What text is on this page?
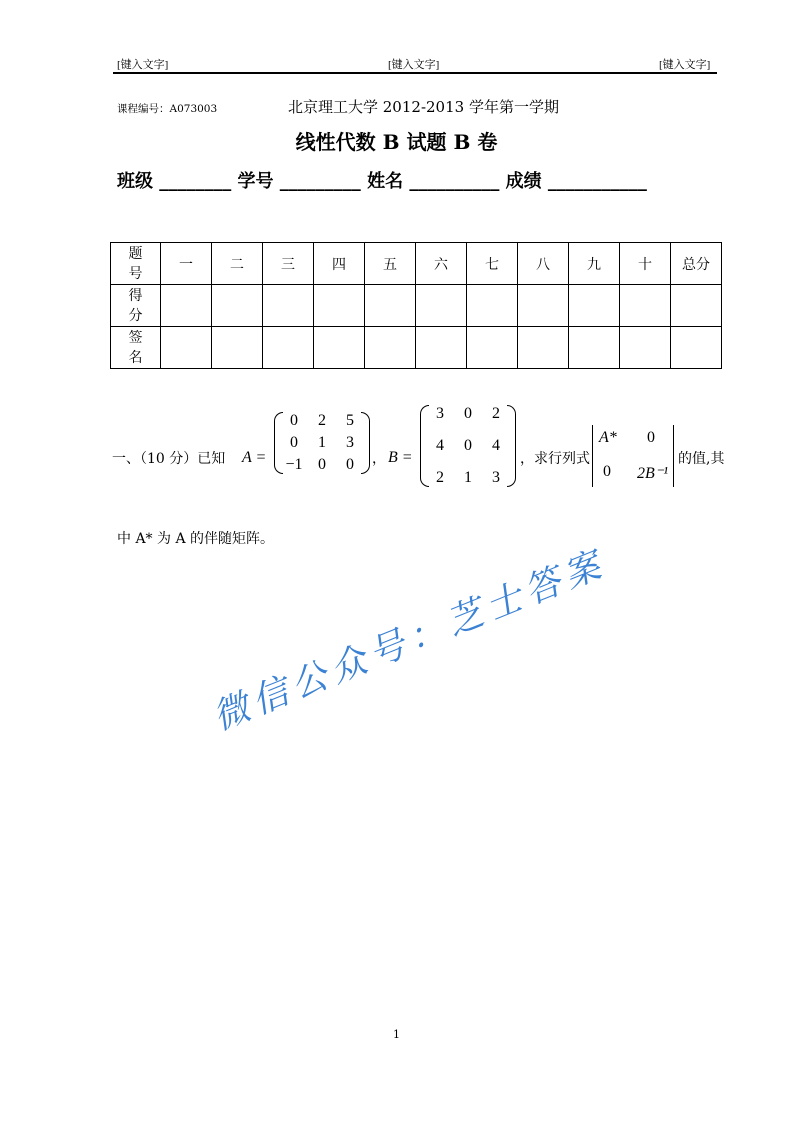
[键入文字]	[键入文字]	[键入文字]
课程编号：A073003	北京理工大学 2012-2013 学年第一学期
线性代数 B 试题 B 卷
班级 ________ 学号 _________ 姓名 __________ 成绩 ___________
题号	一	二	三	四	五	六	七	八	九	十	总分
得分											
签名											
一、（10 分）已知 A =
0	2	5
0	1	3
−1 0	0	， B =
3	0	2
4	0	4
2	1	3
，求行列式
A* 0
0 2B⁻¹
的值,其
中 A* 为 A 的伴随矩阵。
微信公众号：芝士答案
1
